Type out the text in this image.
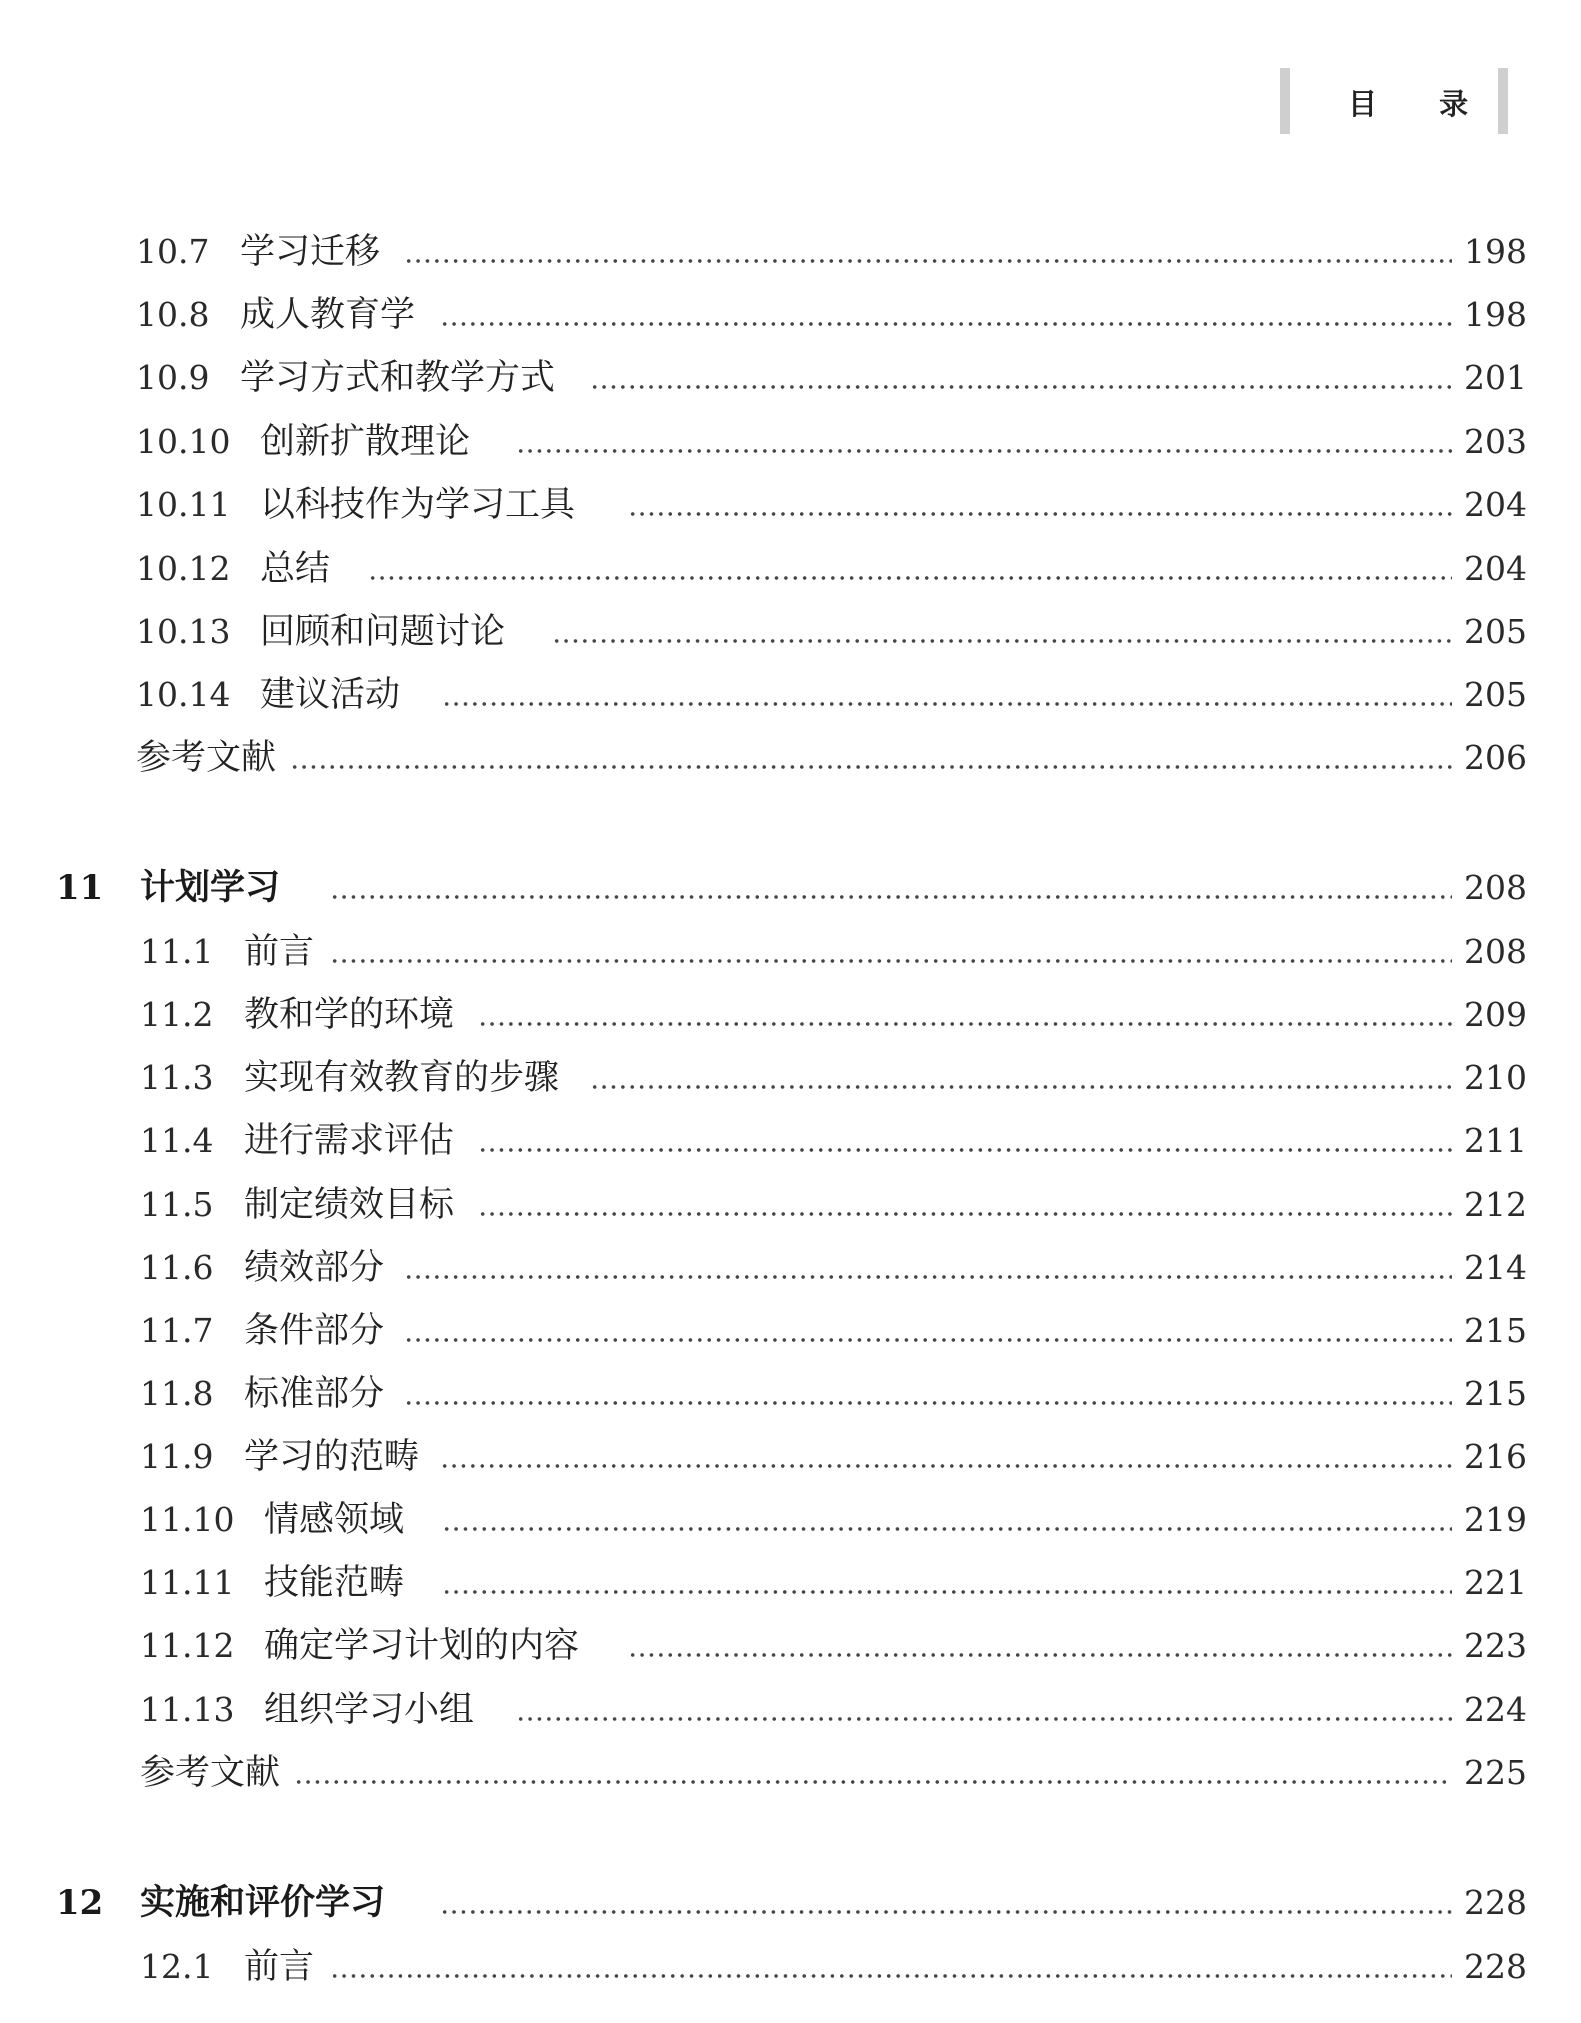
目 录
10.7 学习迁移	198
10.8 成人教育学	198
10.9 学习方式和教学方式	201
10.10 创新扩散理论	203
10.11 以科技作为学习工具	204
10.12 总结	204
10.13 回顾和问题讨论	205
10.14 建议活动	205
参考文献	206
11 计划学习	208
11.1 前言	208
11.2 教和学的环境	209
11.3 实现有效教育的步骤	210
11.4 进行需求评估	211
11.5 制定绩效目标	212
11.6 绩效部分	214
11.7 条件部分	215
11.8 标准部分	215
11.9 学习的范畴	216
11.10 情感领域	219
11.11 技能范畴	221
11.12 确定学习计划的内容	223
11.13 组织学习小组	224
参考文献	225
12 实施和评价学习	228
12.1 前言	228
